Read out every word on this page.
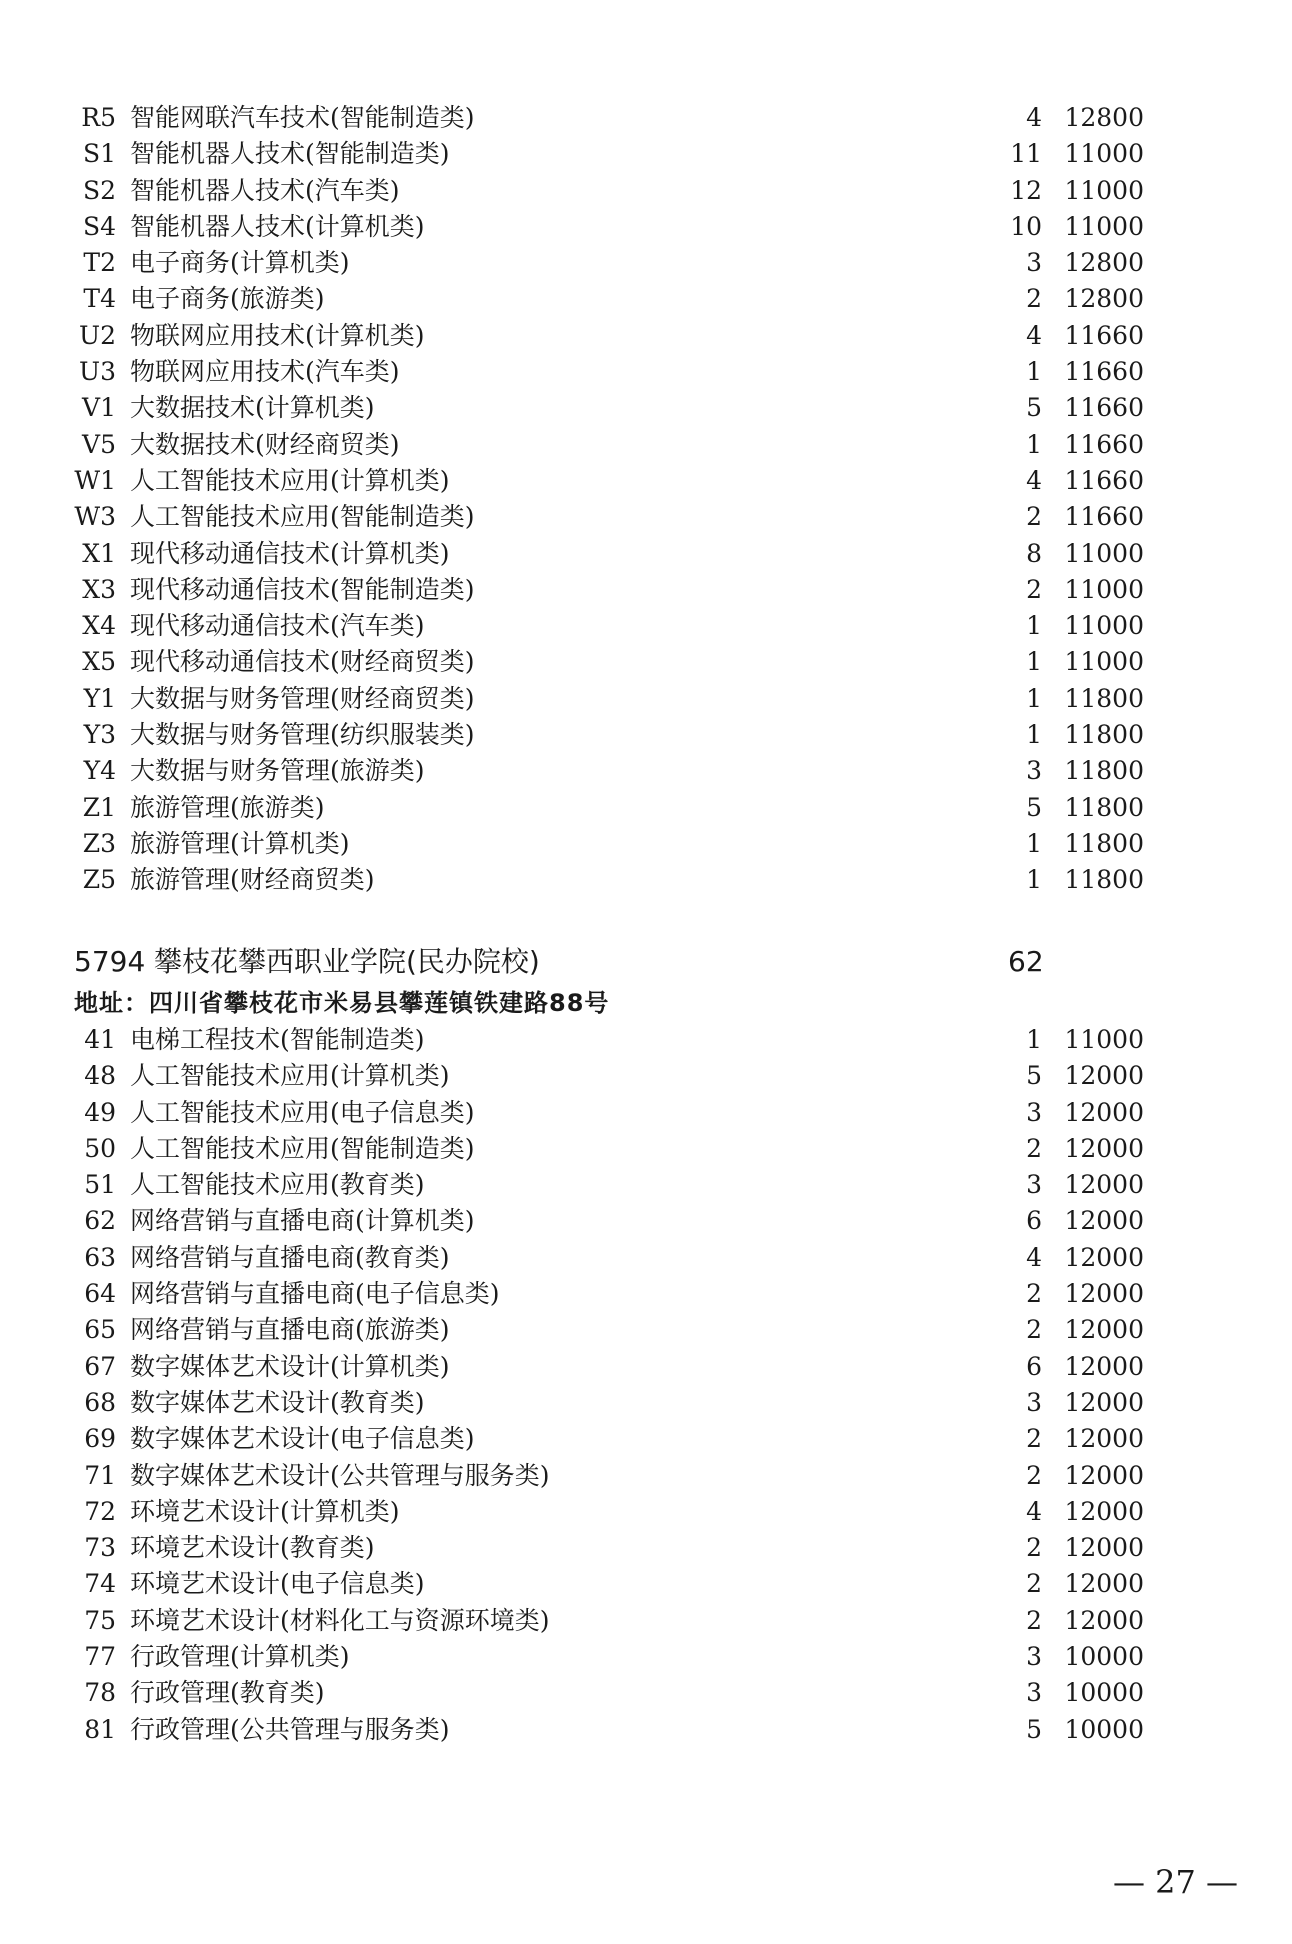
R5 智能网联汽车技术(智能制造类)	4 12800
S1 智能机器人技术(智能制造类)	11 11000
S2 智能机器人技术(汽车类)	12 11000
S4 智能机器人技术(计算机类)	10 11000
T2 电子商务(计算机类)	3 12800
T4 电子商务(旅游类)	2 12800
U2 物联网应用技术(计算机类)	4 11660
U3 物联网应用技术(汽车类)	1 11660
V1 大数据技术(计算机类)	5 11660
V5 大数据技术(财经商贸类)	1 11660
W1 人工智能技术应用(计算机类)	4 11660
W3 人工智能技术应用(智能制造类)	2 11660
X1 现代移动通信技术(计算机类)	8 11000
X3 现代移动通信技术(智能制造类)	2 11000
X4 现代移动通信技术(汽车类)	1 11000
X5 现代移动通信技术(财经商贸类)	1 11000
Y1 大数据与财务管理(财经商贸类)	1 11800
Y3 大数据与财务管理(纺织服装类)	1 11800
Y4 大数据与财务管理(旅游类)	3 11800
Z1 旅游管理(旅游类)	5 11800
Z3 旅游管理(计算机类)	1 11800
Z5 旅游管理(财经商贸类)	1 11800
5794 攀枝花攀西职业学院(民办院校)	62
地址：四川省攀枝花市米易县攀莲镇铁建路88号
41 电梯工程技术(智能制造类)	1 11000
48 人工智能技术应用(计算机类)	5 12000
49 人工智能技术应用(电子信息类)	3 12000
50 人工智能技术应用(智能制造类)	2 12000
51 人工智能技术应用(教育类)	3 12000
62 网络营销与直播电商(计算机类)	6 12000
63 网络营销与直播电商(教育类)	4 12000
64 网络营销与直播电商(电子信息类)	2 12000
65 网络营销与直播电商(旅游类)	2 12000
67 数字媒体艺术设计(计算机类)	6 12000
68 数字媒体艺术设计(教育类)	3 12000
69 数字媒体艺术设计(电子信息类)	2 12000
71 数字媒体艺术设计(公共管理与服务类)	2 12000
72 环境艺术设计(计算机类)	4 12000
73 环境艺术设计(教育类)	2 12000
74 环境艺术设计(电子信息类)	2 12000
75 环境艺术设计(材料化工与资源环境类)	2 12000
77 行政管理(计算机类)	3 10000
78 行政管理(教育类)	3 10000
81 行政管理(公共管理与服务类)	5 10000
— 27 —
